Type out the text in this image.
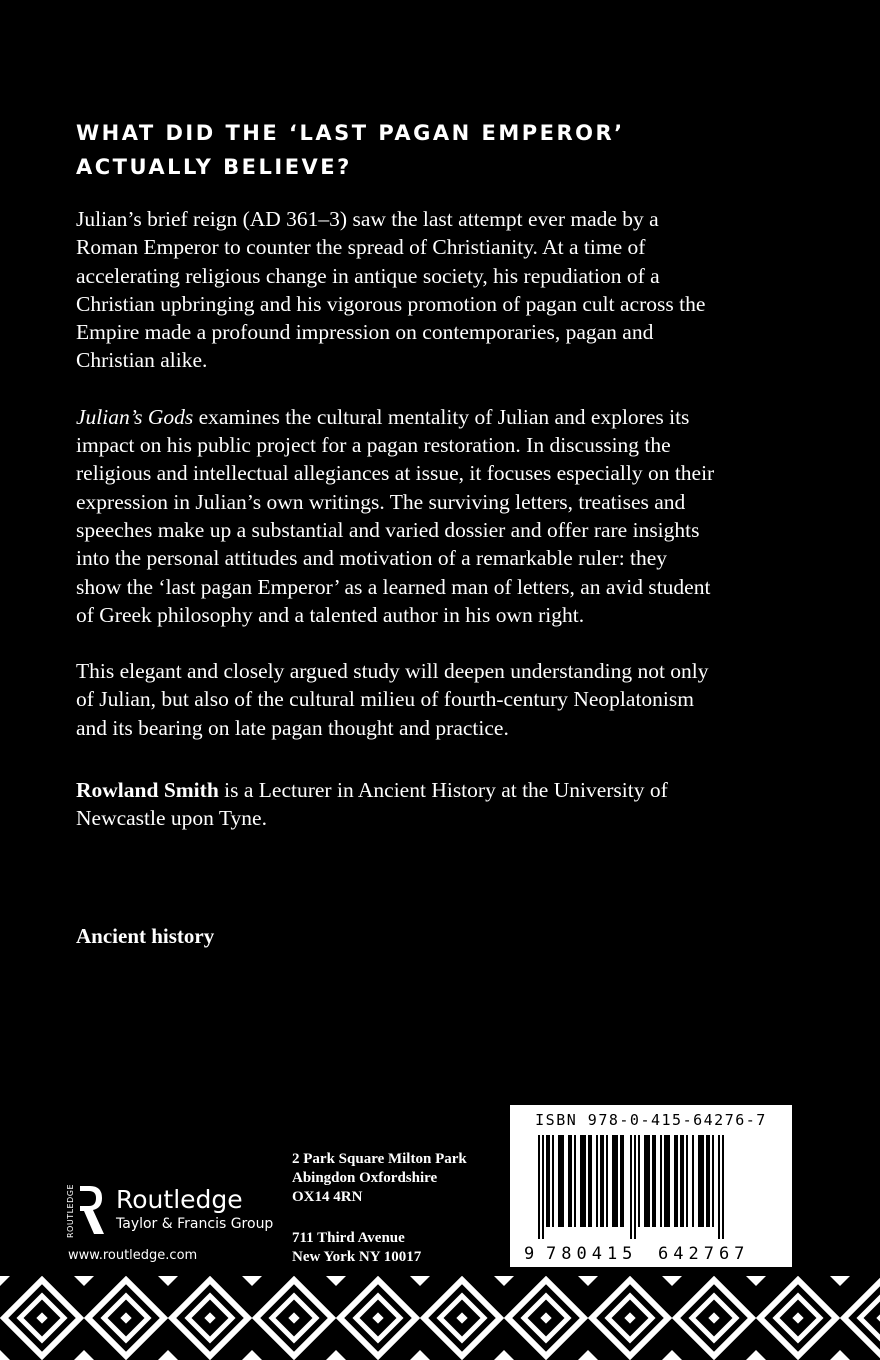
WHAT DID THE ‘LAST PAGAN EMPEROR’ ACTUALLY BELIEVE?

Julian’s brief reign (AD 361–3) saw the last attempt ever made by a Roman Emperor to counter the spread of Christianity. At a time of accelerating religious change in antique society, his repudiation of a Christian upbringing and his vigorous promotion of pagan cult across the Empire made a profound impression on contemporaries, pagan and Christian alike.

Julian’s Gods examines the cultural mentality of Julian and explores its impact on his public project for a pagan restoration. In discussing the religious and intellectual allegiances at issue, it focuses especially on their expression in Julian’s own writings. The surviving letters, treatises and speeches make up a substantial and varied dossier and offer rare insights into the personal attitudes and motivation of a remarkable ruler: they show the ‘last pagan Emperor’ as a learned man of letters, an avid student of Greek philosophy and a talented author in his own right.

This elegant and closely argued study will deepen understanding not only of Julian, but also of the cultural milieu of fourth-century Neoplatonism and its bearing on late pagan thought and practice.

Rowland Smith is a Lecturer in Ancient History at the University of Newcastle upon Tyne.

Ancient history
ROUTLEDGE Routledge
Taylor & Francis Group
www.routledge.com
2 Park Square Milton Park
Abingdon Oxfordshire
OX14 4RN
711 Third Avenue
New York NY 10017
ISBN 978-0-415-64276-7
9 780415 642767
